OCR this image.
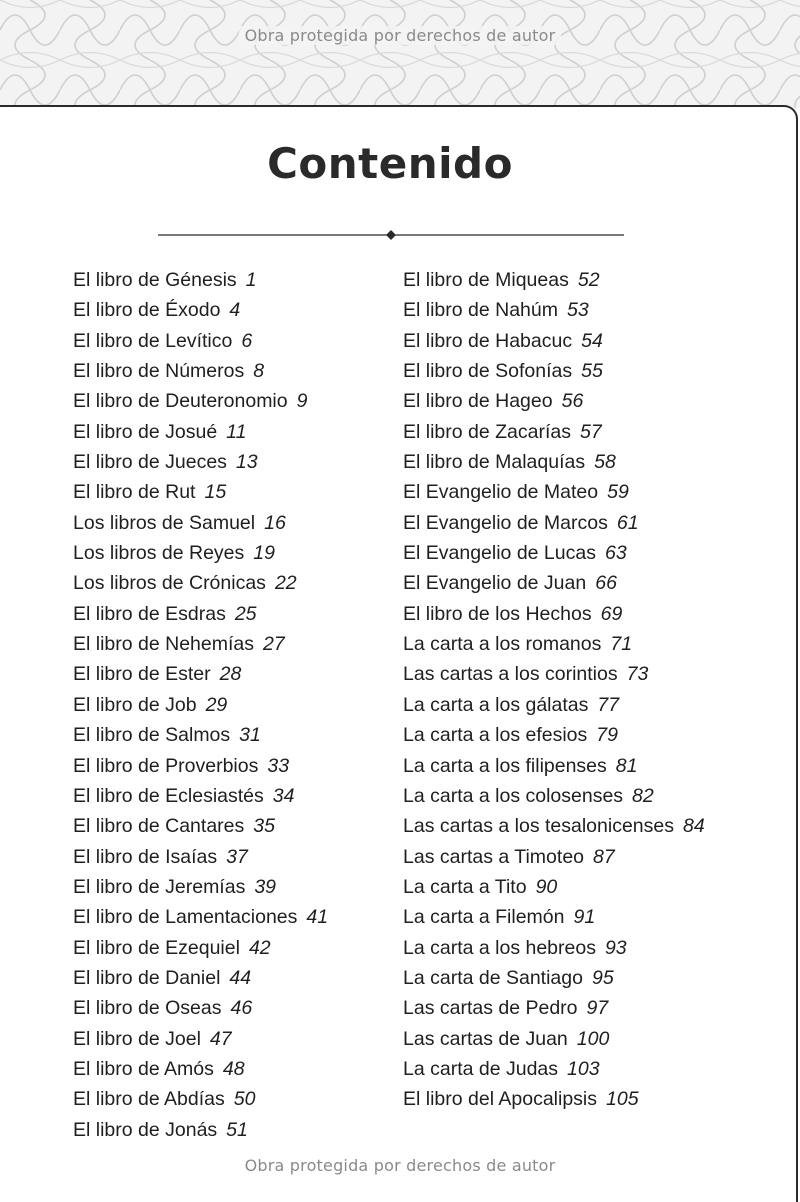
Obra protegida por derechos de autor
Contenido
El libro de Génesis 1
El libro de Éxodo 4
El libro de Levítico 6
El libro de Números 8
El libro de Deuteronomio 9
El libro de Josué 11
El libro de Jueces 13
El libro de Rut 15
Los libros de Samuel 16
Los libros de Reyes 19
Los libros de Crónicas 22
El libro de Esdras 25
El libro de Nehemías 27
El libro de Ester 28
El libro de Job 29
El libro de Salmos 31
El libro de Proverbios 33
El libro de Eclesiastés 34
El libro de Cantares 35
El libro de Isaías 37
El libro de Jeremías 39
El libro de Lamentaciones 41
El libro de Ezequiel 42
El libro de Daniel 44
El libro de Oseas 46
El libro de Joel 47
El libro de Amós 48
El libro de Abdías 50
El libro de Jonás 51
El libro de Miqueas 52
El libro de Nahúm 53
El libro de Habacuc 54
El libro de Sofonías 55
El libro de Hageo 56
El libro de Zacarías 57
El libro de Malaquías 58
El Evangelio de Mateo 59
El Evangelio de Marcos 61
El Evangelio de Lucas 63
El Evangelio de Juan 66
El libro de los Hechos 69
La carta a los romanos 71
Las cartas a los corintios 73
La carta a los gálatas 77
La carta a los efesios 79
La carta a los filipenses 81
La carta a los colosenses 82
Las cartas a los tesalonicenses 84
Las cartas a Timoteo 87
La carta a Tito 90
La carta a Filemón 91
La carta a los hebreos 93
La carta de Santiago 95
Las cartas de Pedro 97
Las cartas de Juan 100
La carta de Judas 103
El libro del Apocalipsis 105
Obra protegida por derechos de autor
